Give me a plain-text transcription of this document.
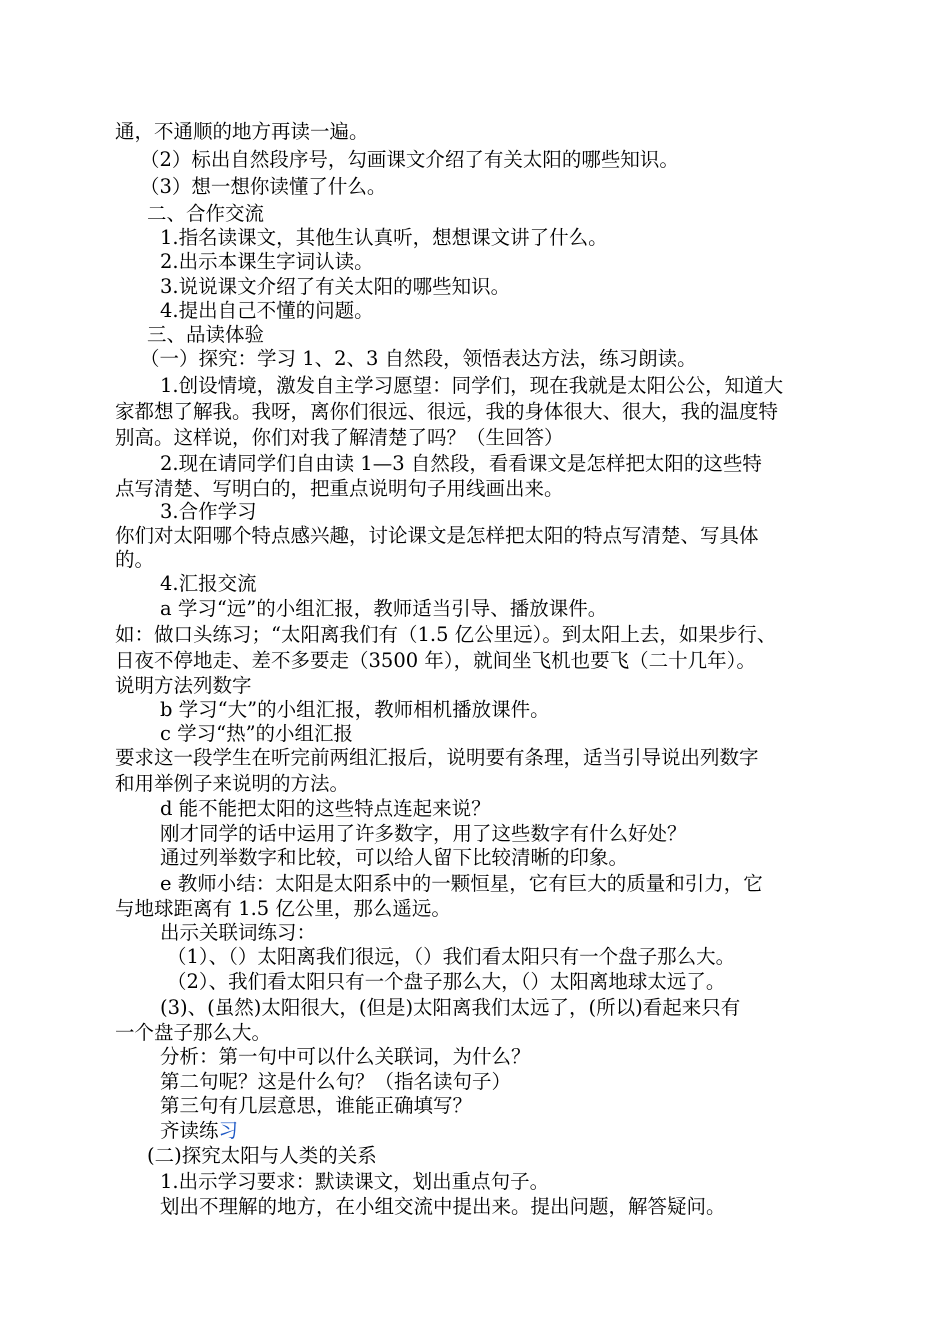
通，不通顺的地方再读一遍。
（2）标出自然段序号，勾画课文介绍了有关太阳的哪些知识。
（3）想一想你读懂了什么。
二、合作交流
1.指名读课文，其他生认真听，想想课文讲了什么。
2.出示本课生字词认读。
3.说说课文介绍了有关太阳的哪些知识。
4.提出自己不懂的问题。
三、品读体验
（一）探究：学习 1、2、3 自然段，领悟表达方法，练习朗读。
1.创设情境，激发自主学习愿望：同学们，现在我就是太阳公公，知道大
家都想了解我。我呀，离你们很远、很远，我的身体很大、很大，我的温度特
别高。这样说，你们对我了解清楚了吗？（生回答）
2.现在请同学们自由读 1—3 自然段，看看课文是怎样把太阳的这些特
点写清楚、写明白的，把重点说明句子用线画出来。
3.合作学习
你们对太阳哪个特点感兴趣，讨论课文是怎样把太阳的特点写清楚、写具体
的。
4.汇报交流
a 学习“远”的小组汇报，教师适当引导、播放课件。
如：做口头练习；“太阳离我们有（1.5 亿公里远）。到太阳上去，如果步行、
日夜不停地走、差不多要走（3500 年），就间坐飞机也要飞（二十几年）。
说明方法列数字
b 学习“大”的小组汇报，教师相机播放课件。
c 学习“热”的小组汇报
要求这一段学生在听完前两组汇报后，说明要有条理，适当引导说出列数字
和用举例子来说明的方法。
d 能不能把太阳的这些特点连起来说？
刚才同学的话中运用了许多数字，用了这些数字有什么好处？
通过列举数字和比较，可以给人留下比较清晰的印象。
e 教师小结：太阳是太阳系中的一颗恒星，它有巨大的质量和引力，它
与地球距离有 1.5 亿公里，那么遥远。
出示关联词练习：
（1）、（）太阳离我们很远，（）我们看太阳只有一个盘子那么大。
（2）、我们看太阳只有一个盘子那么大，（）太阳离地球太远了。
(3)、(虽然)太阳很大，(但是)太阳离我们太远了，(所以)看起来只有
一个盘子那么大。
分析：第一句中可以什么关联词，为什么？
第二句呢？这是什么句？（指名读句子）
第三句有几层意思，谁能正确填写？
齐读练习
(二)探究太阳与人类的关系
1.出示学习要求：默读课文，划出重点句子。
划出不理解的地方，在小组交流中提出来。提出问题，解答疑问。
